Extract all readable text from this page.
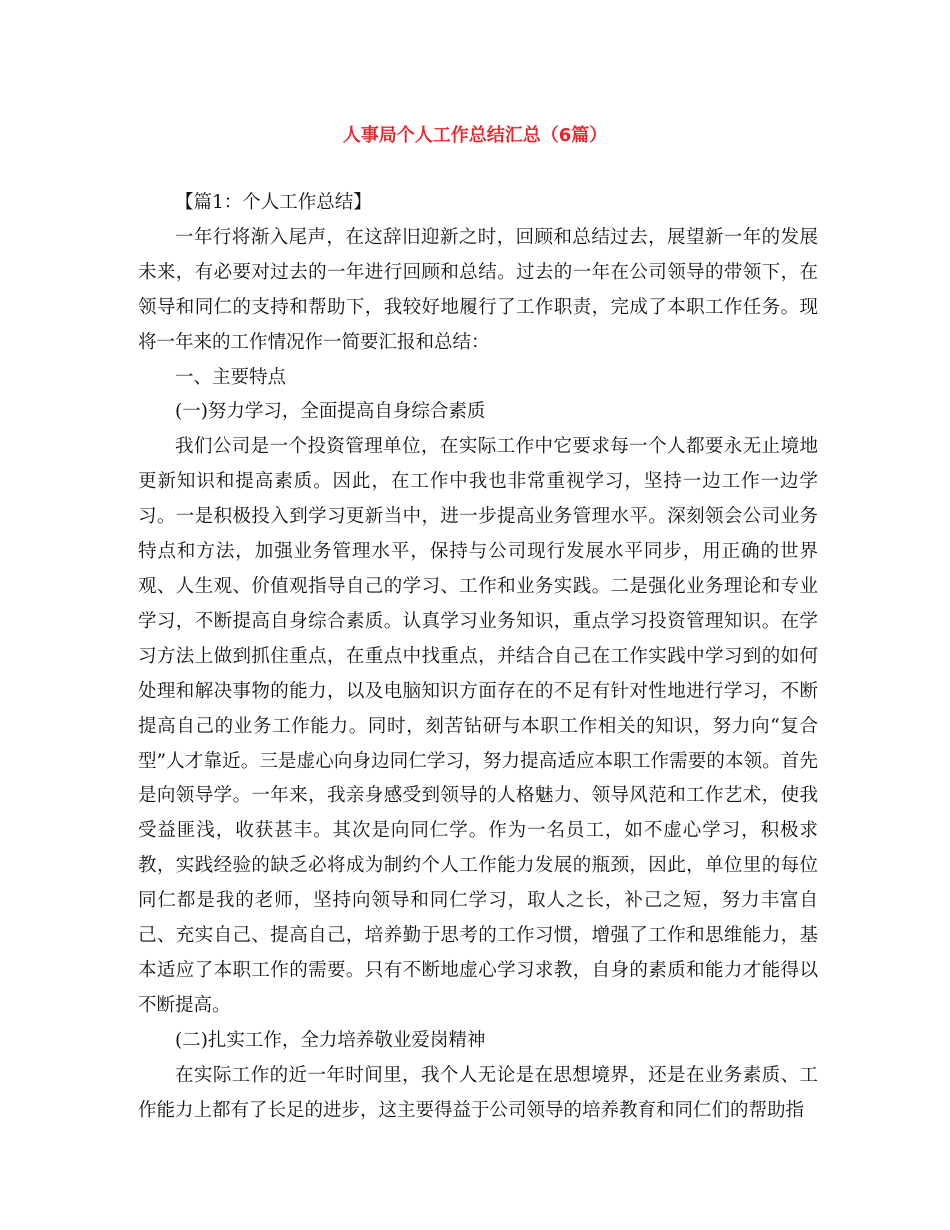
人事局个人工作总结汇总（6篇）

【篇1：个人工作总结】

一年行将渐入尾声，在这辞旧迎新之时，回顾和总结过去，展望新一年的发展未来，有必要对过去的一年进行回顾和总结。过去的一年在公司领导的带领下，在领导和同仁的支持和帮助下，我较好地履行了工作职责，完成了本职工作任务。现将一年来的工作情况作一简要汇报和总结：

一、主要特点

(一)努力学习，全面提高自身综合素质

我们公司是一个投资管理单位，在实际工作中它要求每一个人都要永无止境地更新知识和提高素质。因此，在工作中我也非常重视学习，坚持一边工作一边学习。一是积极投入到学习更新当中，进一步提高业务管理水平。深刻领会公司业务特点和方法，加强业务管理水平，保持与公司现行发展水平同步，用正确的世界观、人生观、价值观指导自己的学习、工作和业务实践。二是强化业务理论和专业学习，不断提高自身综合素质。认真学习业务知识，重点学习投资管理知识。在学习方法上做到抓住重点，在重点中找重点，并结合自己在工作实践中学习到的如何处理和解决事物的能力，以及电脑知识方面存在的不足有针对性地进行学习，不断提高自己的业务工作能力。同时，刻苦钻研与本职工作相关的知识，努力向“复合型”人才靠近。三是虚心向身边同仁学习，努力提高适应本职工作需要的本领。首先是向领导学。一年来，我亲身感受到领导的人格魅力、领导风范和工作艺术，使我受益匪浅，收获甚丰。其次是向同仁学。作为一名员工，如不虚心学习，积极求教，实践经验的缺乏必将成为制约个人工作能力发展的瓶颈，因此，单位里的每位同仁都是我的老师，坚持向领导和同仁学习，取人之长，补己之短，努力丰富自己、充实自己、提高自己，培养勤于思考的工作习惯，增强了工作和思维能力，基本适应了本职工作的需要。只有不断地虚心学习求教，自身的素质和能力才能得以不断提高。

(二)扎实工作，全力培养敬业爱岗精神

在实际工作的近一年时间里，我个人无论是在思想境界，还是在业务素质、工作能力上都有了长足的进步，这主要得益于公司领导的培养教育和同仁们的帮助指
